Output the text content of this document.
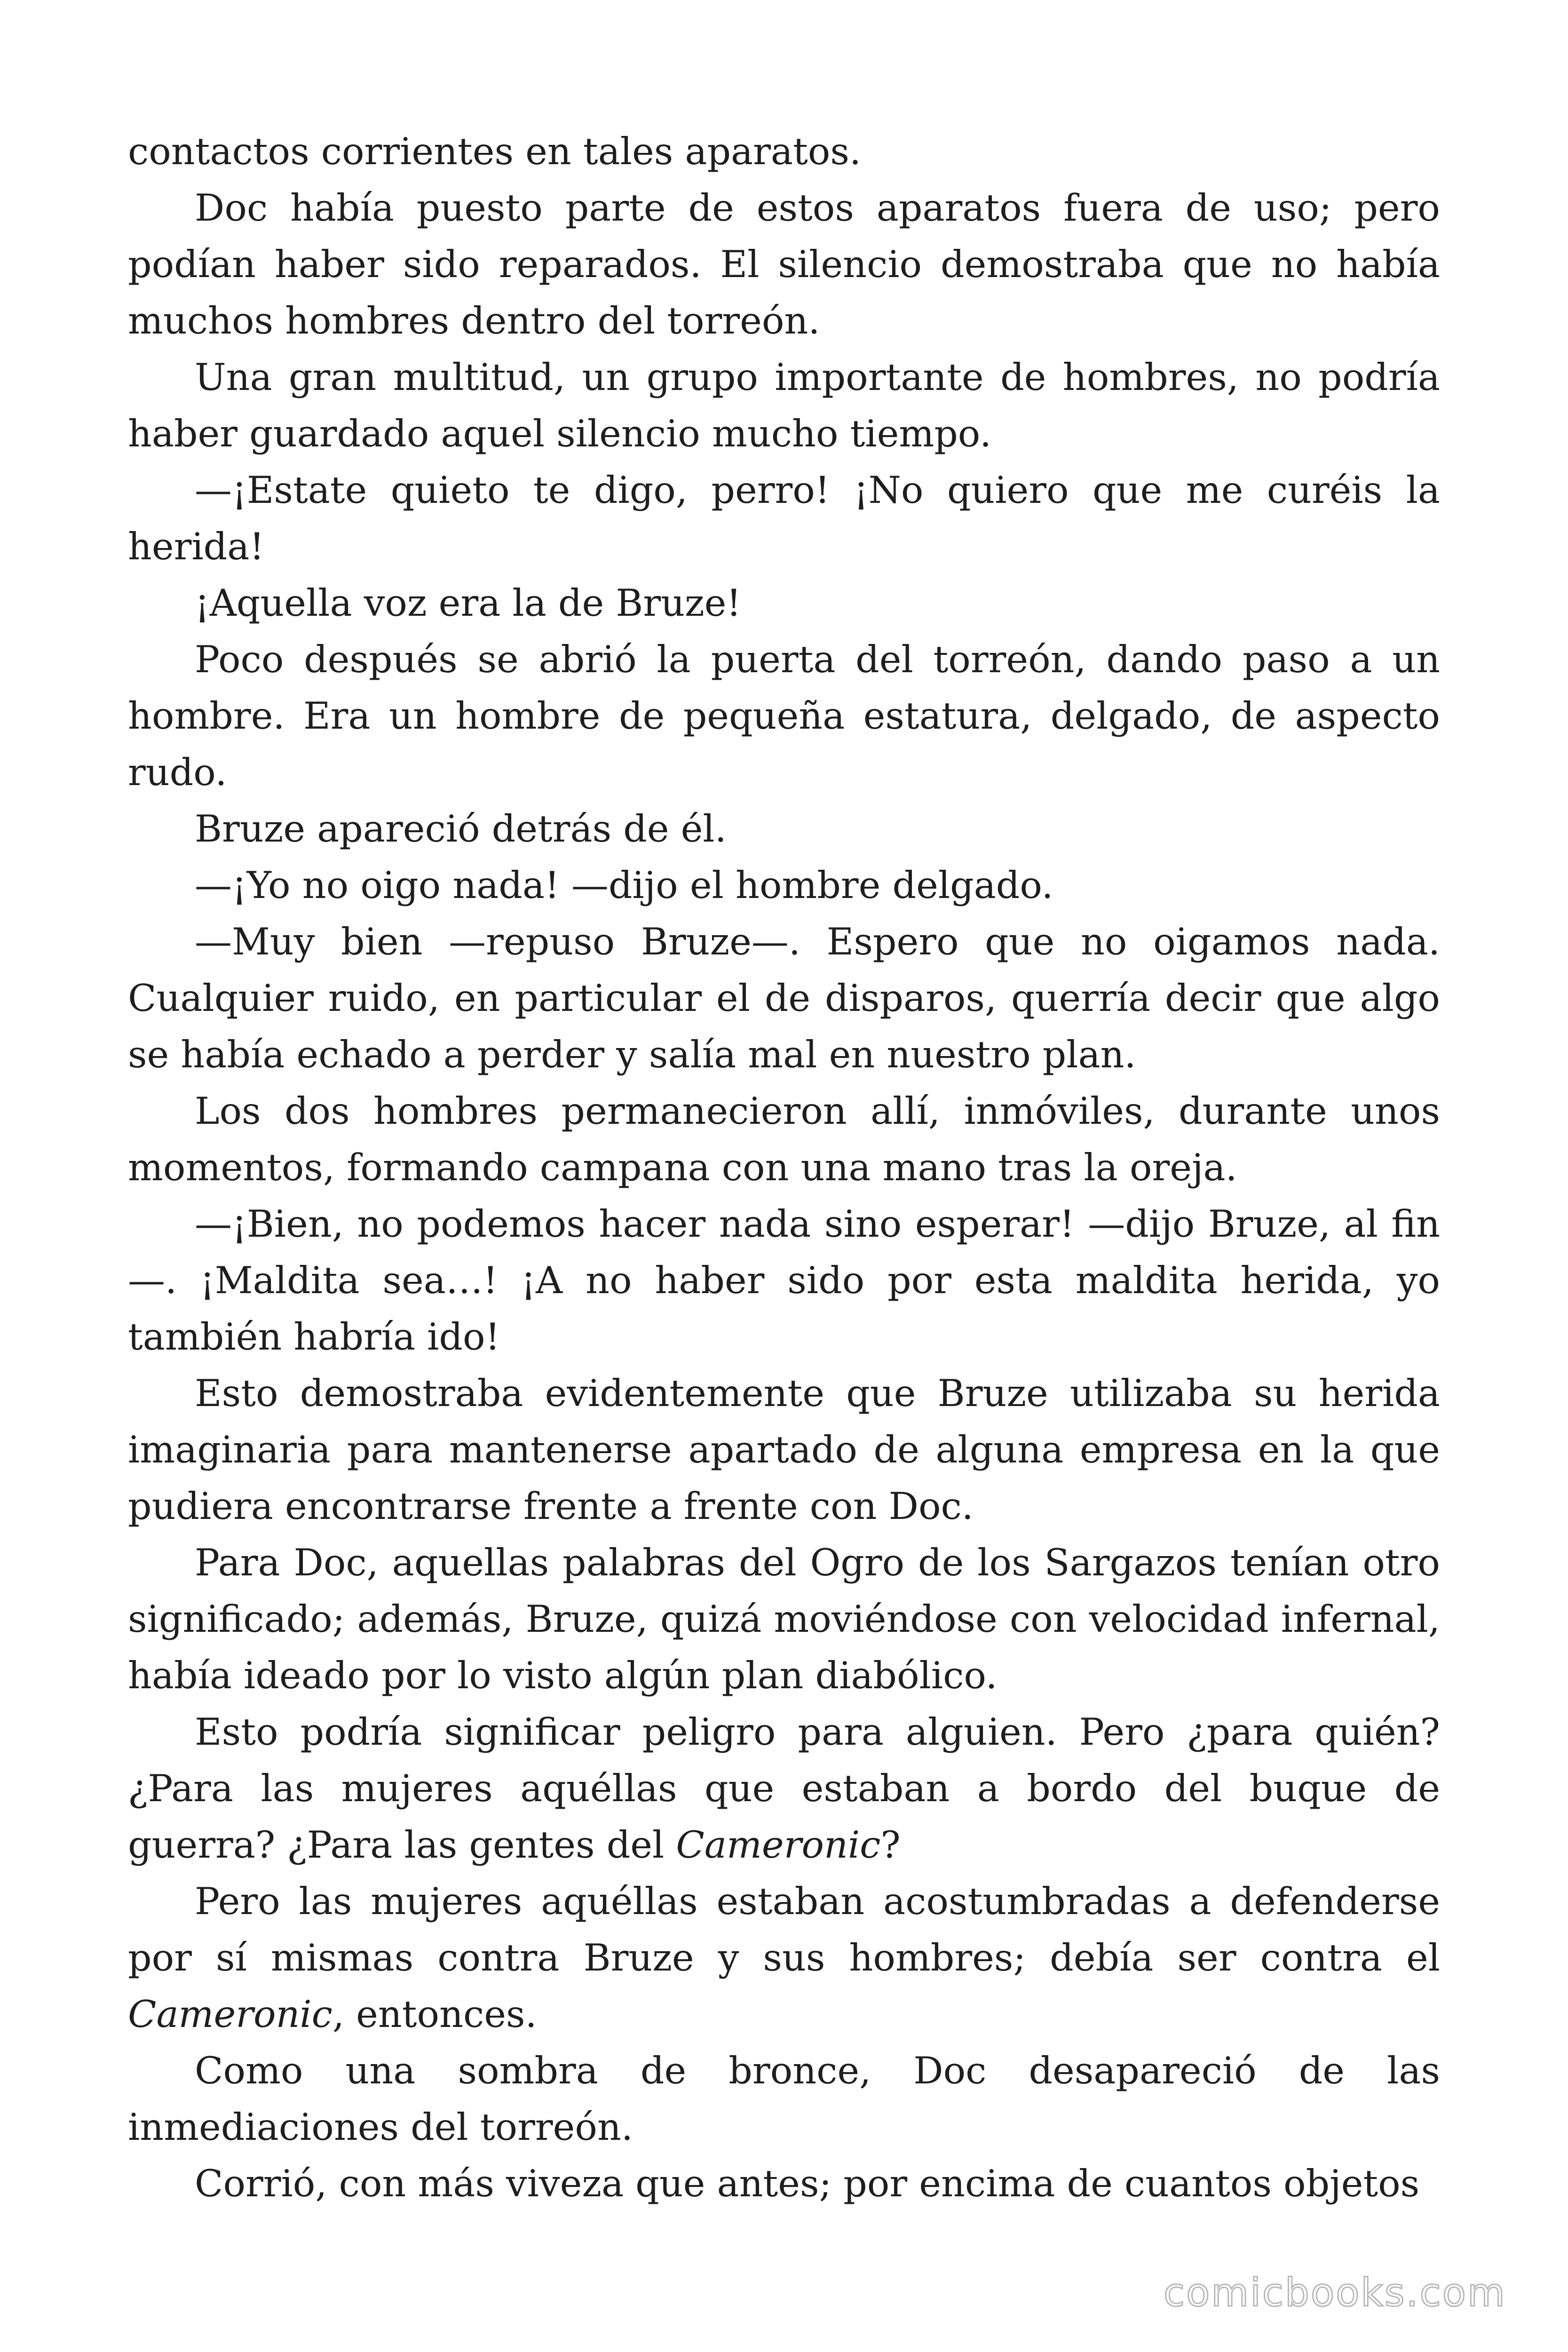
contactos corrientes en tales aparatos.

Doc había puesto parte de estos aparatos fuera de uso; pero podían haber sido reparados. El silencio demostraba que no había muchos hombres dentro del torreón.

Una gran multitud, un grupo importante de hombres, no podría haber guardado aquel silencio mucho tiempo.

—¡Estate quieto te digo, perro! ¡No quiero que me curéis la herida!

¡Aquella voz era la de Bruze!

Poco después se abrió la puerta del torreón, dando paso a un hombre. Era un hombre de pequeña estatura, delgado, de aspecto rudo.

Bruze apareció detrás de él.

—¡Yo no oigo nada! —dijo el hombre delgado.

—Muy bien —repuso Bruze—. Espero que no oigamos nada. Cualquier ruido, en particular el de disparos, querría decir que algo se había echado a perder y salía mal en nuestro plan.

Los dos hombres permanecieron allí, inmóviles, durante unos momentos, formando campana con una mano tras la oreja.

—¡Bien, no podemos hacer nada sino esperar! —dijo Bruze, al fin—. ¡Maldita sea…! ¡A no haber sido por esta maldita herida, yo también habría ido!

Esto demostraba evidentemente que Bruze utilizaba su herida imaginaria para mantenerse apartado de alguna empresa en la que pudiera encontrarse frente a frente con Doc.

Para Doc, aquellas palabras del Ogro de los Sargazos tenían otro significado; además, Bruze, quizá moviéndose con velocidad infernal, había ideado por lo visto algún plan diabólico.

Esto podría significar peligro para alguien. Pero ¿para quién? ¿Para las mujeres aquéllas que estaban a bordo del buque de guerra? ¿Para las gentes del Cameronic?

Pero las mujeres aquéllas estaban acostumbradas a defenderse por sí mismas contra Bruze y sus hombres; debía ser contra el Cameronic, entonces.

Como una sombra de bronce, Doc desapareció de las inmediaciones del torreón.

Corrió, con más viveza que antes; por encima de cuantos objetos

comicbooks.com
